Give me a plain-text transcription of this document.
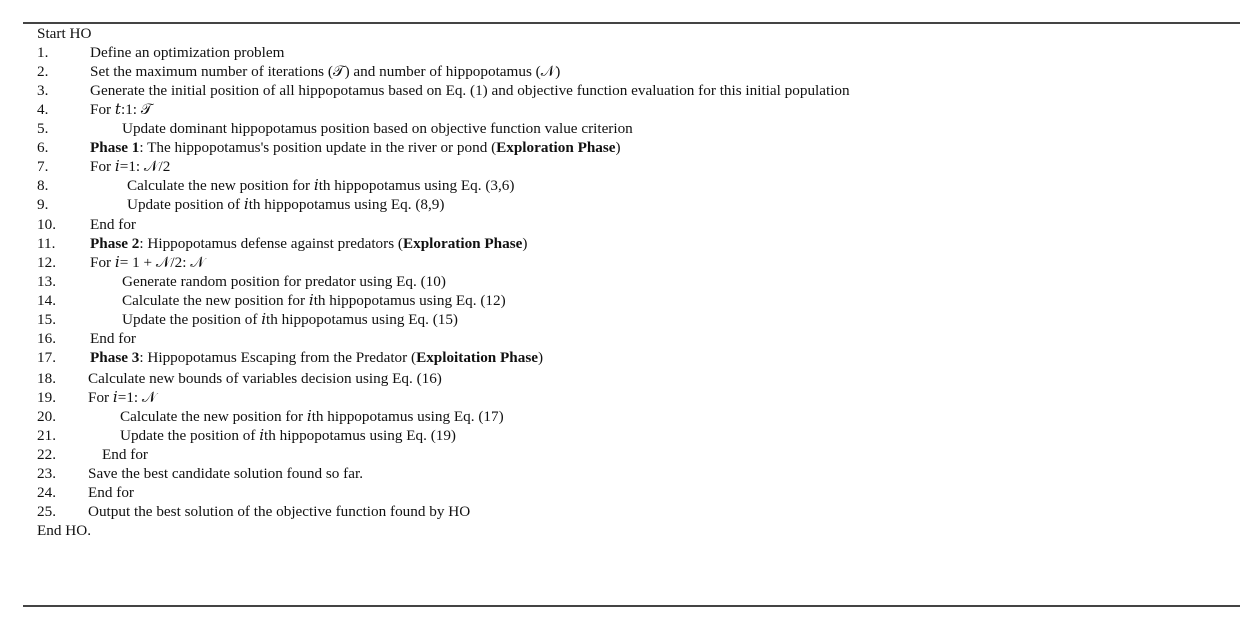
Start HO
1.	Define an optimization problem
2.	Set the maximum number of iterations (𝒯) and number of hippopotamus (𝒩)
3.	Generate the initial position of all hippopotamus based on Eq. (1) and objective function evaluation for this initial population
4.	For 𝑡:1: 𝒯
5.	Update dominant hippopotamus position based on objective function value criterion
6.	Phase 1: The hippopotamus's position update in the river or pond (Exploration Phase)
7.	For 𝑖=1: 𝒩/2
8.	Calculate the new position for 𝑖th hippopotamus using Eq. (3,6)
9.	Update position of 𝑖th hippopotamus using Eq. (8,9)
10. End for
11. Phase 2: Hippopotamus defense against predators (Exploration Phase)
12. For 𝑖= 1 + 𝒩/2: 𝒩
13.	Generate random position for predator using Eq. (10)
14.	Calculate the new position for 𝑖th hippopotamus using Eq. (12)
15.	Update the position of 𝑖th hippopotamus using Eq. (15)
16. End for
17. Phase 3: Hippopotamus Escaping from the Predator (Exploitation Phase)
18. Calculate new bounds of variables decision using Eq. (16)
19. For 𝑖=1: 𝒩
20.	Calculate the new position for 𝑖th hippopotamus using Eq. (17)
21.	Update the position of 𝑖th hippopotamus using Eq. (19)
22.	End for
23. Save the best candidate solution found so far.
24. End for
25. Output the best solution of the objective function found by HO
End HO.
